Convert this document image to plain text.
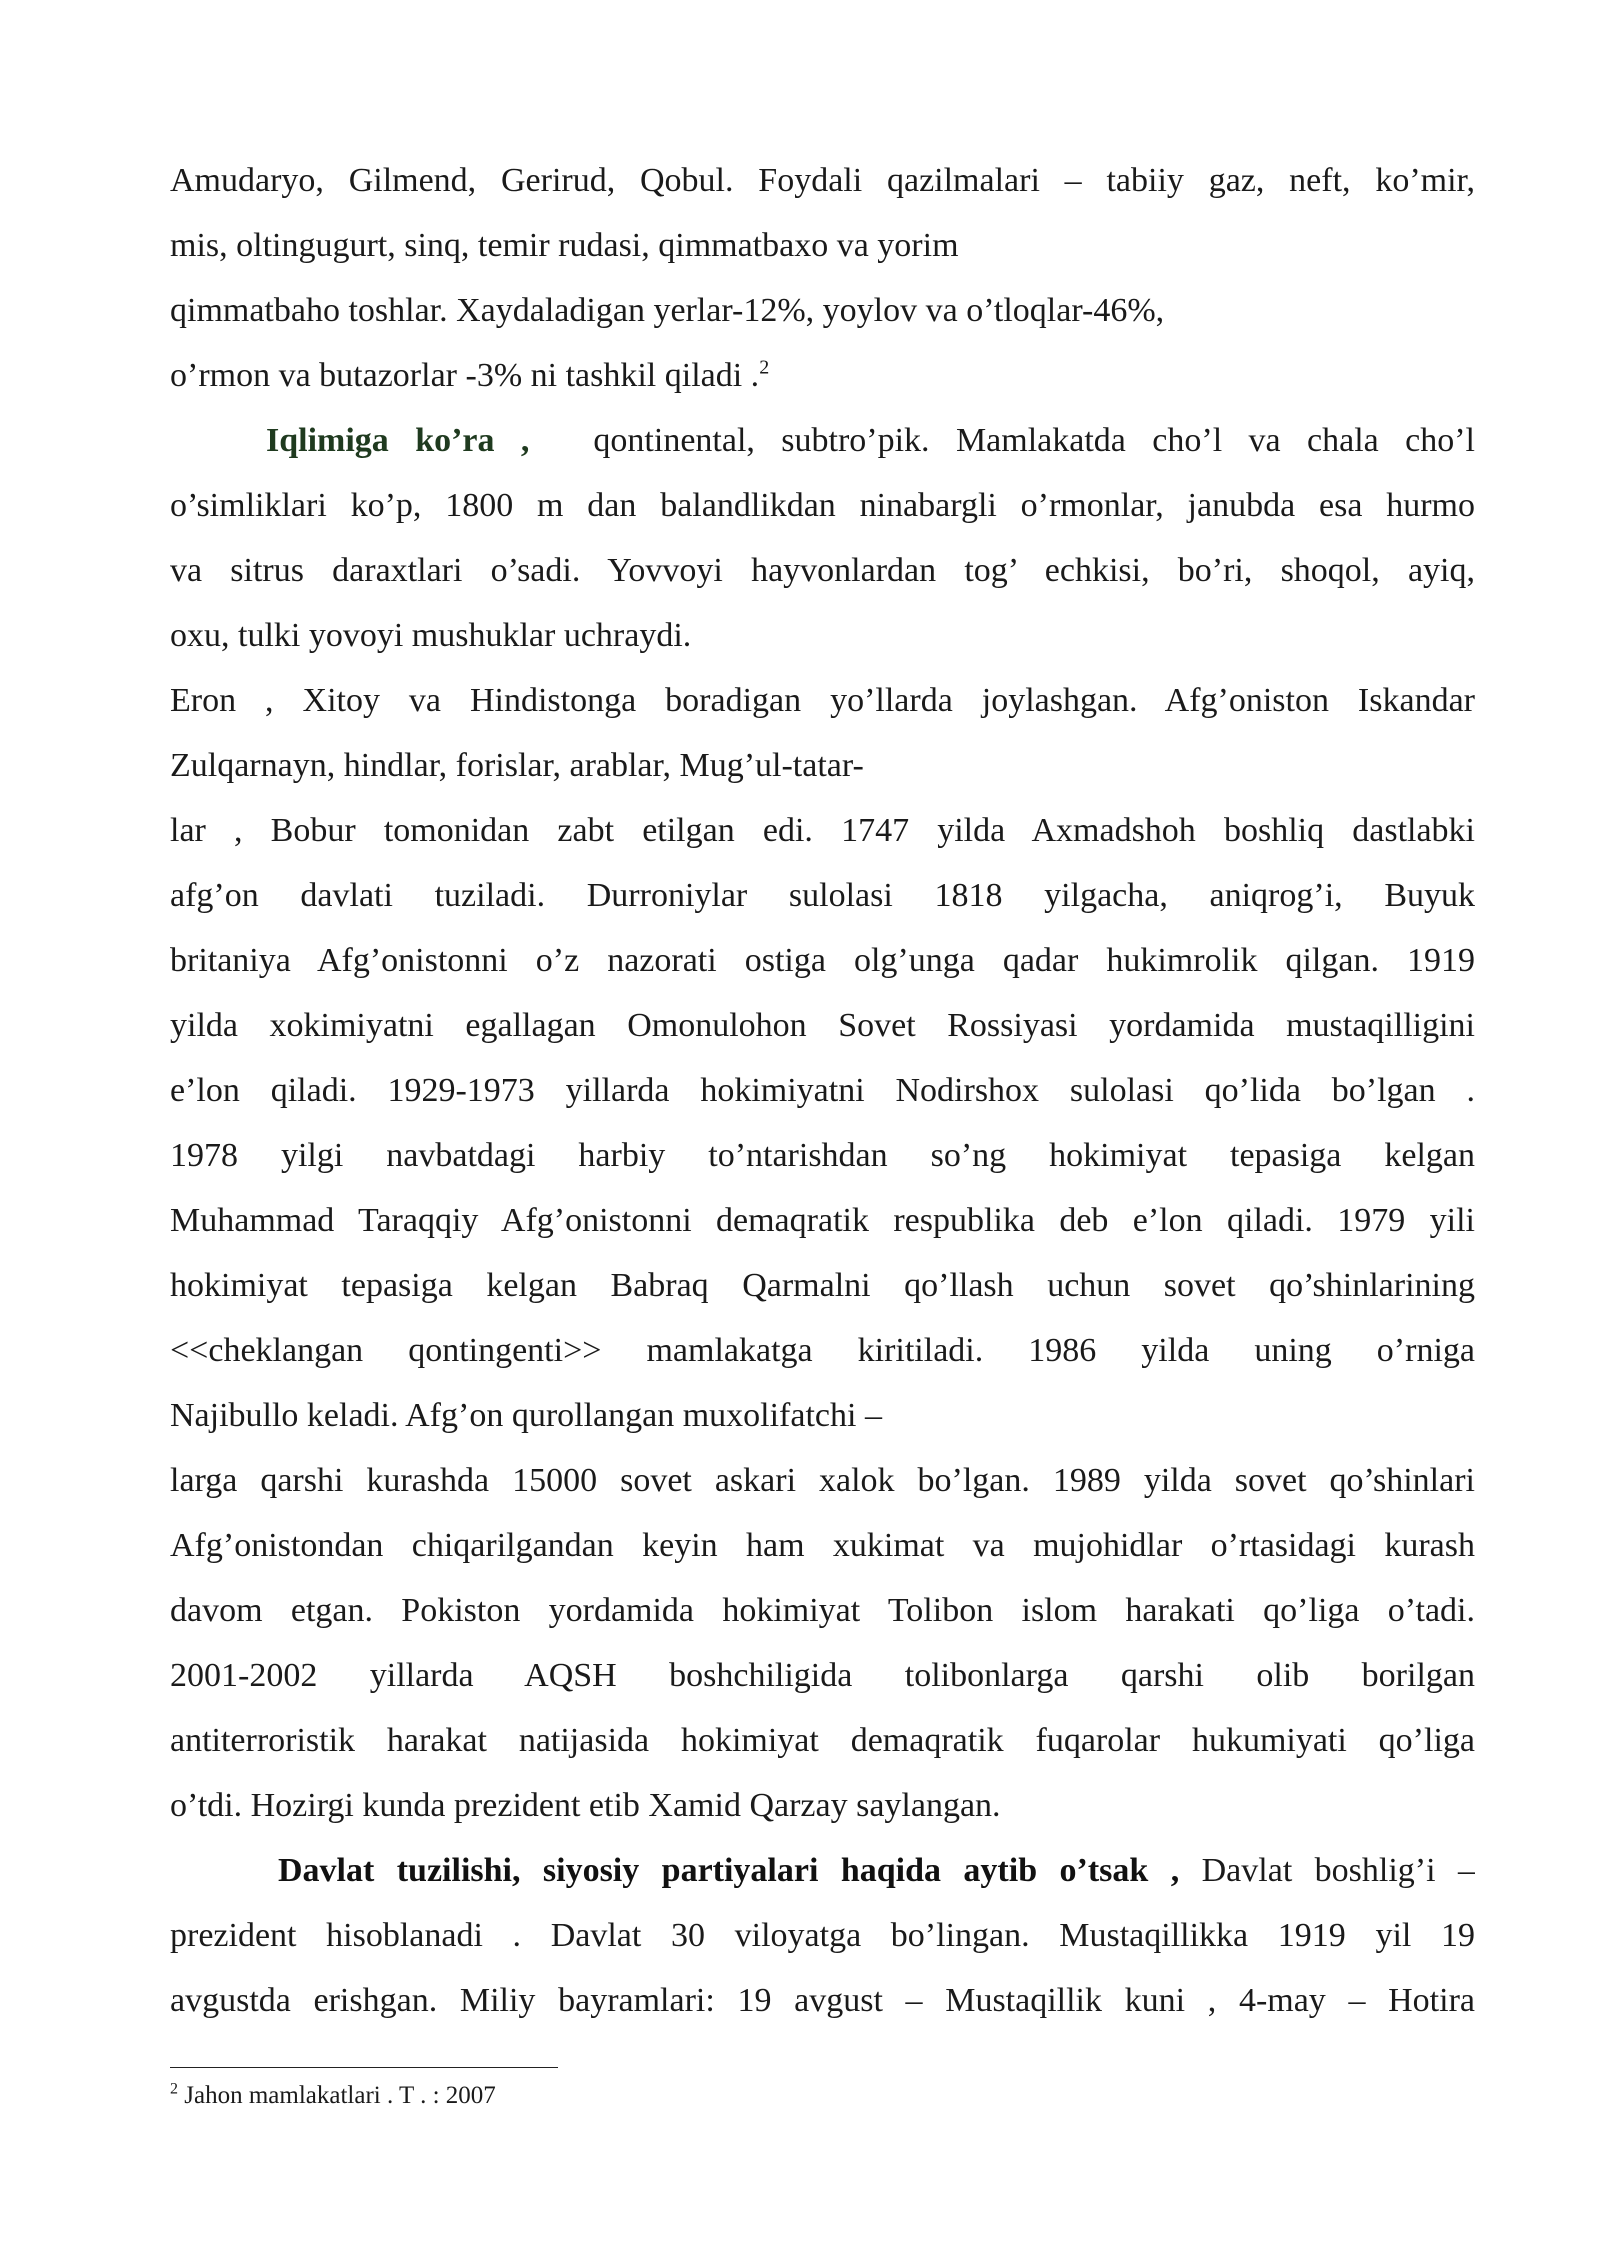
Amudaryo, Gilmend, Gerirud, Qobul. Foydali qazilmalari – tabiiy gaz, neft, ko’mir,
mis, oltingugurt, sinq, temir rudasi, qimmatbaxo va yorim
qimmatbaho toshlar. Xaydaladigan yerlar-12%, yoylov va o’tloqlar-46%,
o’rmon va butazorlar -3% ni tashkil qiladi .$^2$
Iqlimiga ko’ra , qontinental, subtro’pik. Mamlakatda cho’l va chala cho’l
o’simliklari ko’p, 1800 m dan balandlikdan ninabargli o’rmonlar, janubda esa hurmo
va sitrus daraxtlari o’sadi. Yovvoyi hayvonlardan tog’ echkisi, bo’ri, shoqol, ayiq,
oxu, tulki yovoyi mushuklar uchraydi.
Eron , Xitoy va Hindistonga boradigan yo’llarda joylashgan. Afg’oniston Iskandar
Zulqarnayn, hindlar, forislar, arablar, Mug’ul-tatar-
lar , Bobur tomonidan zabt etilgan edi. 1747 yilda Axmadshoh boshliq dastlabki
afg’on davlati tuziladi. Durroniylar sulolasi 1818 yilgacha, aniqrog’i, Buyuk
britaniya Afg’onistonni o’z nazorati ostiga olg’unga qadar hukimrolik qilgan. 1919
yilda xokimiyatni egallagan Omonulohon Sovet Rossiyasi yordamida mustaqilligini
e’lon qiladi. 1929-1973 yillarda hokimiyatni Nodirshox sulolasi qo’lida bo’lgan .
1978 yilgi navbatdagi harbiy to’ntarishdan so’ng hokimiyat tepasiga kelgan
Muhammad Taraqqiy Afg’onistonni demaqratik respublika deb e’lon qiladi. 1979 yili
hokimiyat tepasiga kelgan Babraq Qarmalni qo’llash uchun sovet qo’shinlarining
<<cheklangan qontingenti>> mamlakatga kiritiladi. 1986 yilda uning o’rniga
Najibullo keladi. Afg’on qurollangan muxolifatchi –
larga qarshi kurashda 15000 sovet askari xalok bo’lgan. 1989 yilda sovet qo’shinlari
Afg’onistondan chiqarilgandan keyin ham xukimat va mujohidlar o’rtasidagi kurash
davom etgan. Pokiston yordamida hokimiyat Tolibon islom harakati qo’liga o’tadi.
2001-2002 yillarda AQSH boshchiligida tolibonlarga qarshi olib borilgan
antiterroristik harakat natijasida hokimiyat demaqratik fuqarolar hukumiyati qo’liga
o’tdi. Hozirgi kunda prezident etib Xamid Qarzay saylangan.
Davlat tuzilishi, siyosiy partiyalari haqida aytib o’tsak , Davlat boshlig’i –
prezident hisoblanadi . Davlat 30 viloyatga bo’lingan. Mustaqillikka 1919 yil 19
avgustda erishgan. Miliy bayramlari: 19 avgust – Mustaqillik kuni , 4-may – Hotira
$^2$ Jahon mamlakatlari . T . : 2007
